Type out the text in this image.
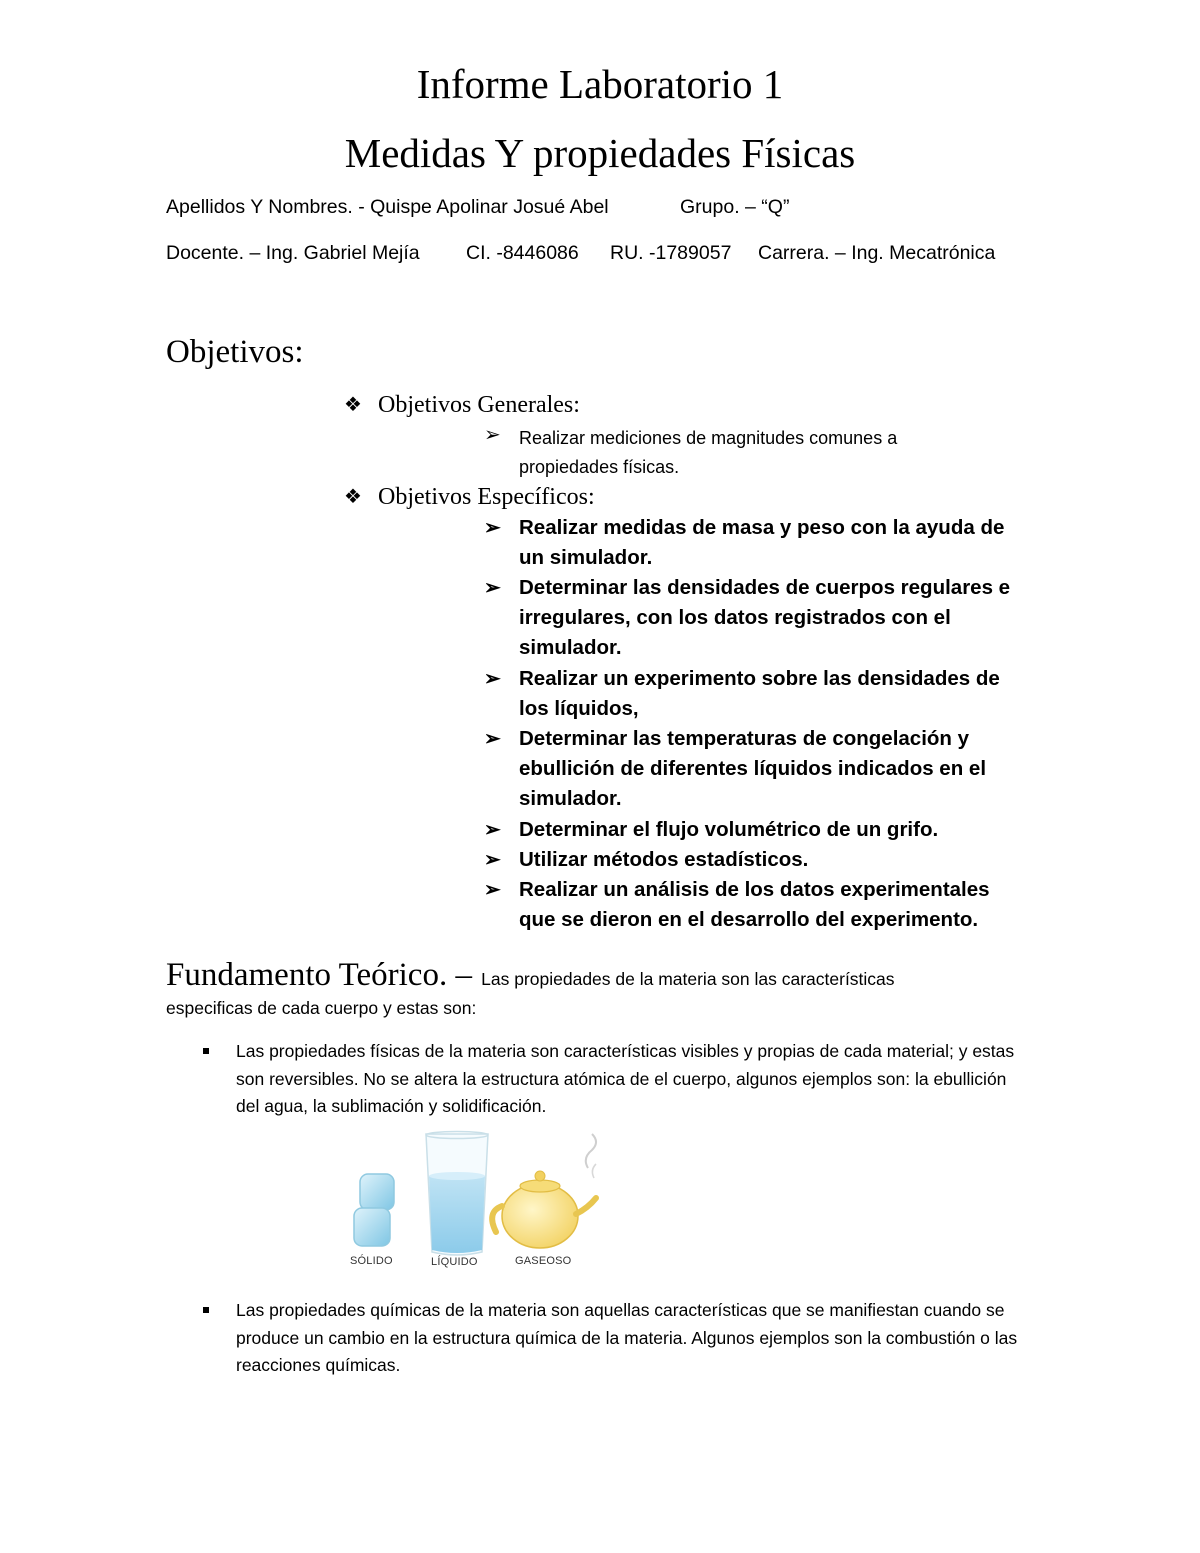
Informe Laboratorio 1
Medidas Y propiedades Físicas
Apellidos Y Nombres. - Quispe Apolinar Josué Abel	Grupo. – “Q”
Docente. – Ing. Gabriel Mejía CI. -8446086 RU. -1789057 Carrera. – Ing. Mecatrónica
Objetivos:
❖ Objetivos Generales:
➢ Realizar mediciones de magnitudes comunes a propiedades físicas.
❖ Objetivos Específicos:
➢ Realizar medidas de masa y peso con la ayuda de un simulador.
➢ Determinar las densidades de cuerpos regulares e irregulares, con los datos registrados con el simulador.
➢ Realizar un experimento sobre las densidades de los líquidos,
➢ Determinar las temperaturas de congelación y ebullición de diferentes líquidos indicados en el simulador.
➢ Determinar el flujo volumétrico de un grifo.
➢ Utilizar métodos estadísticos.
➢ Realizar un análisis de los datos experimentales que se dieron en el desarrollo del experimento.
Fundamento Teórico. – Las propiedades de la materia son las características
especificas de cada cuerpo y estas son:
Las propiedades físicas de la materia son características visibles y propias de cada material; y estas son reversibles. No se altera la estructura atómica de el cuerpo, algunos ejemplos son: la ebullición del agua, la sublimación y solidificación.
SÓLIDO	LÍQUIDO	GASEOSO
Las propiedades químicas de la materia son aquellas características que se manifiestan cuando se produce un cambio en la estructura química de la materia. Algunos ejemplos son la combustión o las reacciones químicas.
